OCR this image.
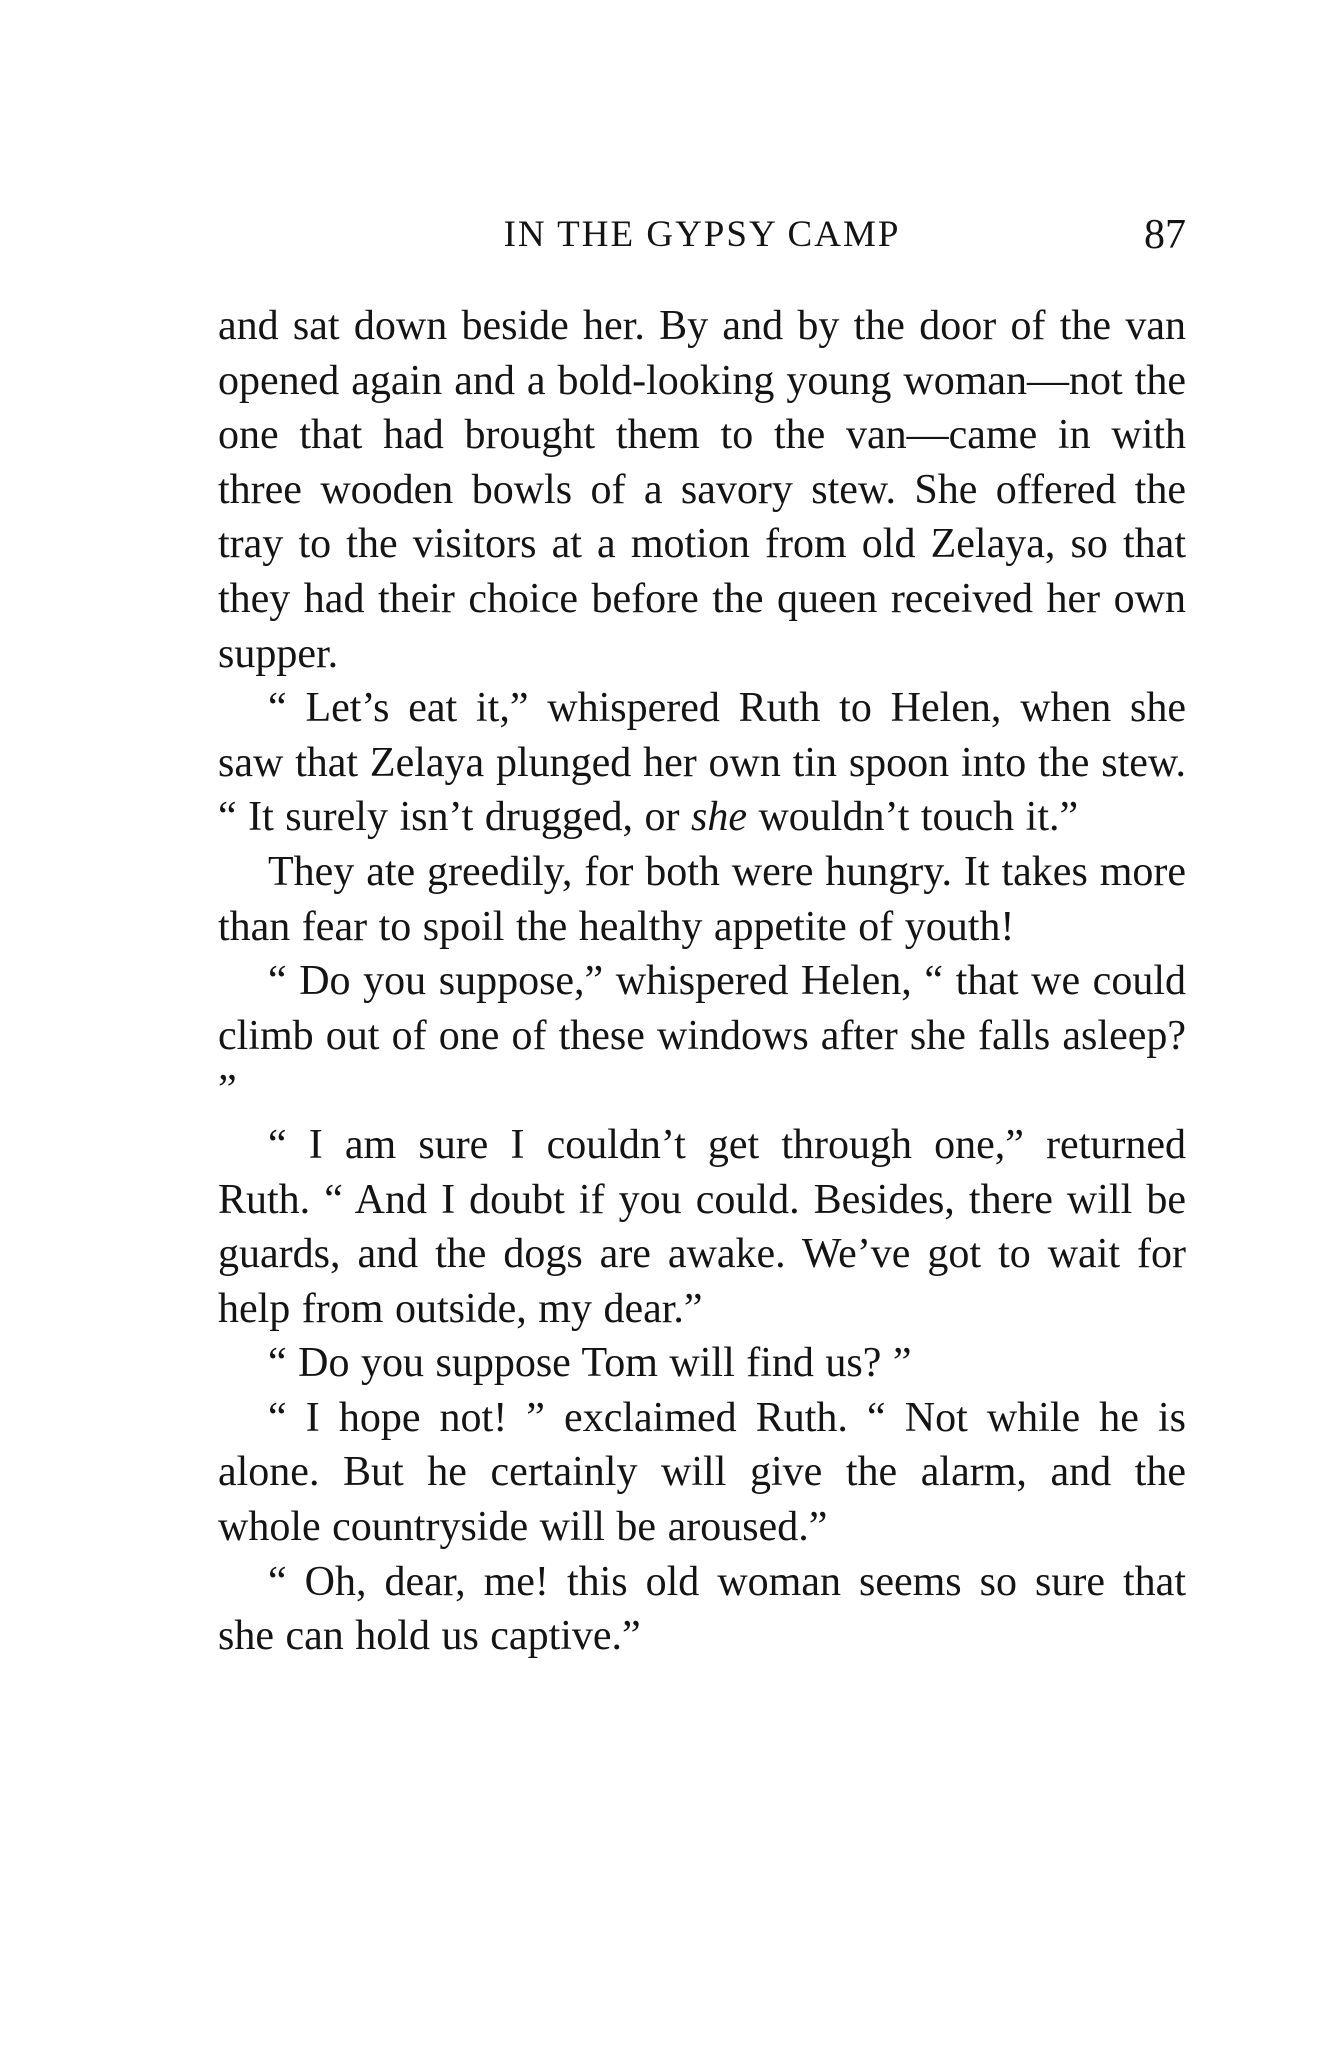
IN THE GYPSY CAMP	87

and sat down beside her. By and by the door of the van opened again and a bold-looking young woman—not the one that had brought them to the van—came in with three wooden bowls of a savory stew. She offered the tray to the visitors at a motion from old Zelaya, so that they had their choice before the queen received her own supper.

“ Let’s eat it,” whispered Ruth to Helen, when she saw that Zelaya plunged her own tin spoon into the stew. “ It surely isn’t drugged, or she wouldn’t touch it.”

They ate greedily, for both were hungry. It takes more than fear to spoil the healthy appetite of youth!

“ Do you suppose,” whispered Helen, “ that we could climb out of one of these windows after she falls asleep? ”

“ I am sure I couldn’t get through one,” returned Ruth. “ And I doubt if you could. Besides, there will be guards, and the dogs are awake. We’ve got to wait for help from outside, my dear.”

“ Do you suppose Tom will find us? ”

“ I hope not! ” exclaimed Ruth. “ Not while he is alone. But he certainly will give the alarm, and the whole countryside will be aroused.”

“ Oh, dear, me! this old woman seems so sure that she can hold us captive.”
